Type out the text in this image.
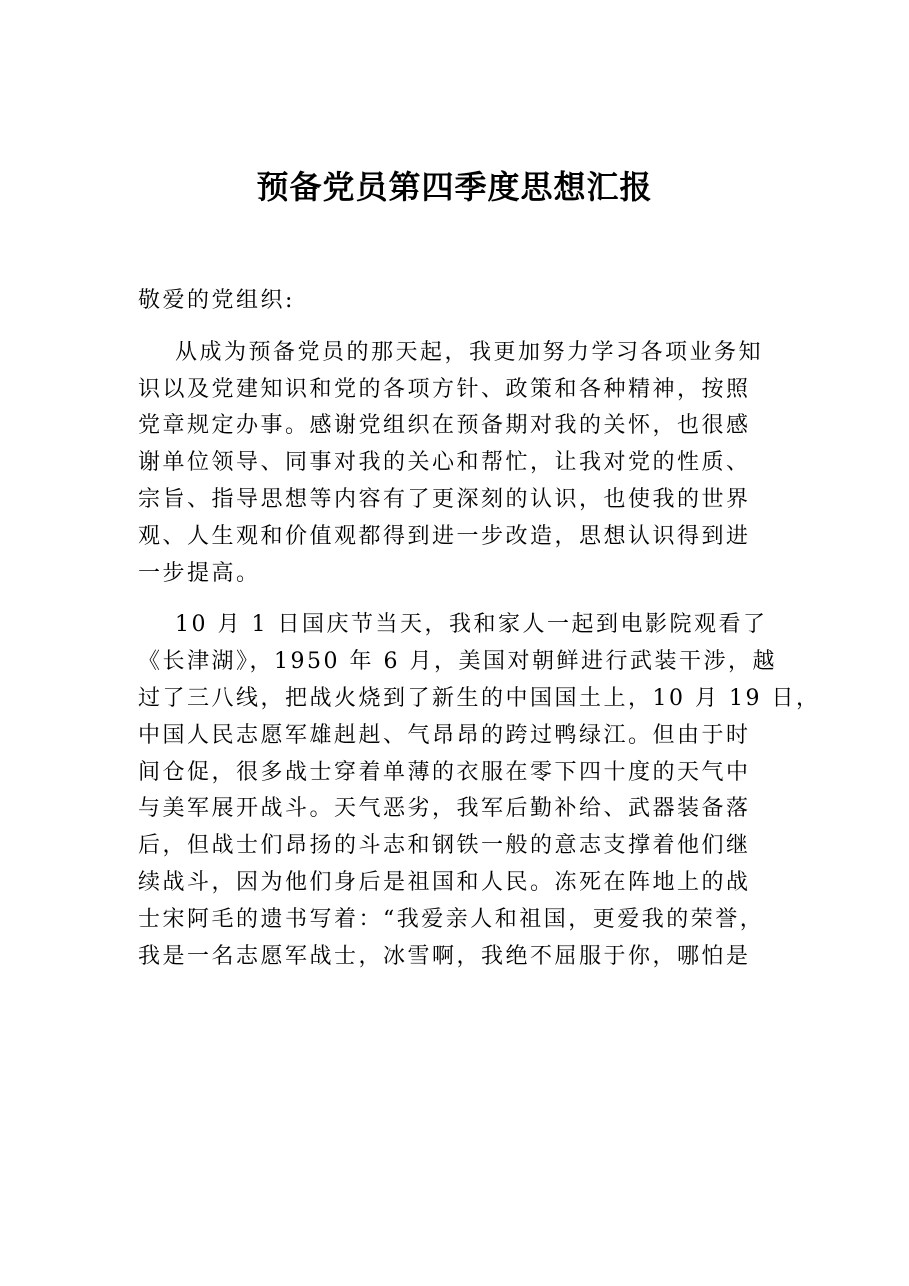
预备党员第四季度思想汇报
敬爱的党组织:
从成为预备党员的那天起，我更加努力学习各项业务知
识以及党建知识和党的各项方针、政策和各种精神，按照
党章规定办事。感谢党组织在预备期对我的关怀，也很感
谢单位领导、同事对我的关心和帮忙，让我对党的性质、
宗旨、指导思想等内容有了更深刻的认识，也使我的世界
观、人生观和价值观都得到进一步改造，思想认识得到进
一步提高。
10 月 1 日国庆节当天，我和家人一起到电影院观看了
《长津湖》，1950 年 6 月，美国对朝鲜进行武装干涉，越
过了三八线，把战火烧到了新生的中国国土上，10 月 19 日，
中国人民志愿军雄赳赳、气昂昂的跨过鸭绿江。但由于时
间仓促，很多战士穿着单薄的衣服在零下四十度的天气中
与美军展开战斗。天气恶劣，我军后勤补给、武器装备落
后，但战士们昂扬的斗志和钢铁一般的意志支撑着他们继
续战斗，因为他们身后是祖国和人民。冻死在阵地上的战
士宋阿毛的遗书写着：“我爱亲人和祖国，更爱我的荣誉，
我是一名志愿军战士，冰雪啊，我绝不屈服于你，哪怕是
